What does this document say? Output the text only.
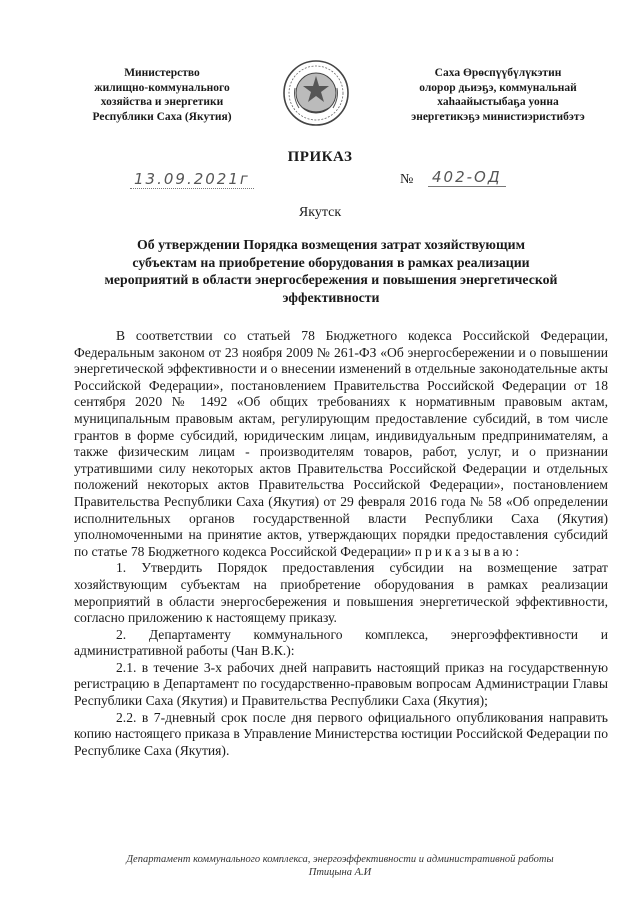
Министерство
жилищно-коммунального
хозяйства и энергетики
Республики Саха (Якутия)
Саха Өрөспүүбүлүкэтин
олорор дьиэҕэ, коммунальнай
хаһаайыстыбаҕа уонна
энергетикэҕэ министиэристибэтэ
ПРИКАЗ
13.09.2021г	№ 402-ОД
Якутск
Об утверждении Порядка возмещения затрат хозяйствующим
субъектам на приобретение оборудования в рамках реализации
мероприятий в области энергосбережения и повышения энергетической
эффективности

В соответствии со статьей 78 Бюджетного кодекса Российской Федерации, Федеральным законом от 23 ноября 2009 № 261-ФЗ «Об энергосбережении и о повышении энергетической эффективности и о внесении изменений в отдельные законодательные акты Российской Федерации», постановлением Правительства Российской Федерации от 18 сентября 2020 № 1492 «Об общих требованиях к нормативным правовым актам, муниципальным правовым актам, регулирующим предоставление субсидий, в том числе грантов в форме субсидий, юридическим лицам, индивидуальным предпринимателям, а также физическим лицам - производителям товаров, работ, услуг, и о признании утратившими силу некоторых актов Правительства Российской Федерации и отдельных положений некоторых актов Правительства Российской Федерации», постановлением Правительства Республики Саха (Якутия) от 29 февраля 2016 года № 58 «Об определении исполнительных органов государственной власти Республики Саха (Якутия) уполномоченными на принятие актов, утверждающих порядки предоставления субсидий по статье 78 Бюджетного кодекса Российской Федерации» приказываю:

1. Утвердить Порядок предоставления субсидии на возмещение затрат хозяйствующим субъектам на приобретение оборудования в рамках реализации мероприятий в области энергосбережения и повышения энергетической эффективности, согласно приложению к настоящему приказу.

2. Департаменту коммунального комплекса, энергоэффективности и административной работы (Чан В.К.):

2.1. в течение 3-х рабочих дней направить настоящий приказ на государственную регистрацию в Департамент по государственно-правовым вопросам Администрации Главы Республики Саха (Якутия) и Правительства Республики Саха (Якутия);

2.2. в 7-дневный срок после дня первого официального опубликования направить копию настоящего приказа в Управление Министерства юстиции Российской Федерации по Республике Саха (Якутия).

Департамент коммунального комплекса, энергоэффективности и административной работы
Птицына А.И
